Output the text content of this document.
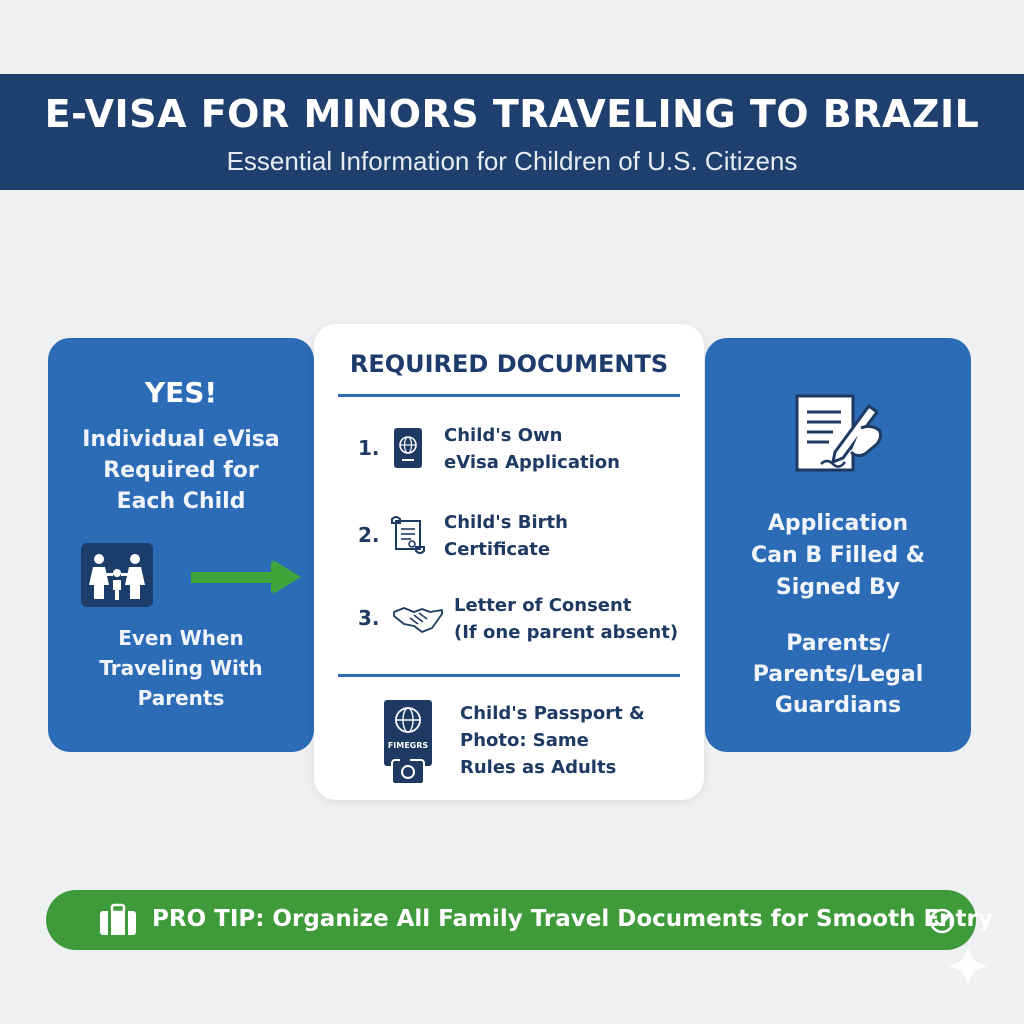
E-VISA FOR MINORS TRAVELING TO BRAZIL
Essential Information for Children of U.S. Citizens
YES!
Individual eVisa
Required for
Each Child
Even When
Traveling With Parents
REQUIRED DOCUMENTS
1.
Child's Own
eVisa Application
2.
Child's Birth
Certificate
3.
Letter of Consent
(If one parent absent)
FIMEGRS
Child's Passport &
Photo: Same
Rules as Adults
Application
Can B Filled &
Signed By
Parents/
Parents/Legal
Guardians
PRO TIP: Organize All Family Travel Documents for Smooth Entry
